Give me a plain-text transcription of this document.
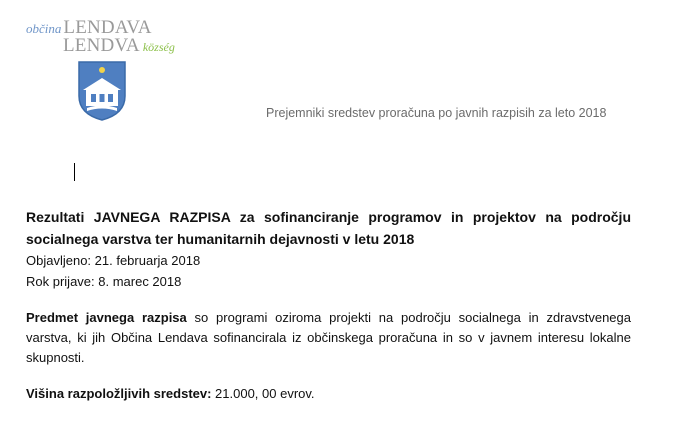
občina LENDAVA
LENDVA község
Prejemniki sredstev proračuna po javnih razpisih za leto 2018

Rezultati JAVNEGA RAZPISA za sofinanciranje programov in projektov na področju socialnega varstva ter humanitarnih dejavnosti v letu 2018

Objavljeno: 21. februarja 2018

Rok prijave: 8. marec 2018

Predmet javnega razpisa so programi oziroma projekti na področju socialnega in zdravstvenega varstva, ki jih Občina Lendava sofinancirala iz občinskega proračuna in so v javnem interesu lokalne skupnosti.

Višina razpoložljivih sredstev: 21.000, 00 evrov.
